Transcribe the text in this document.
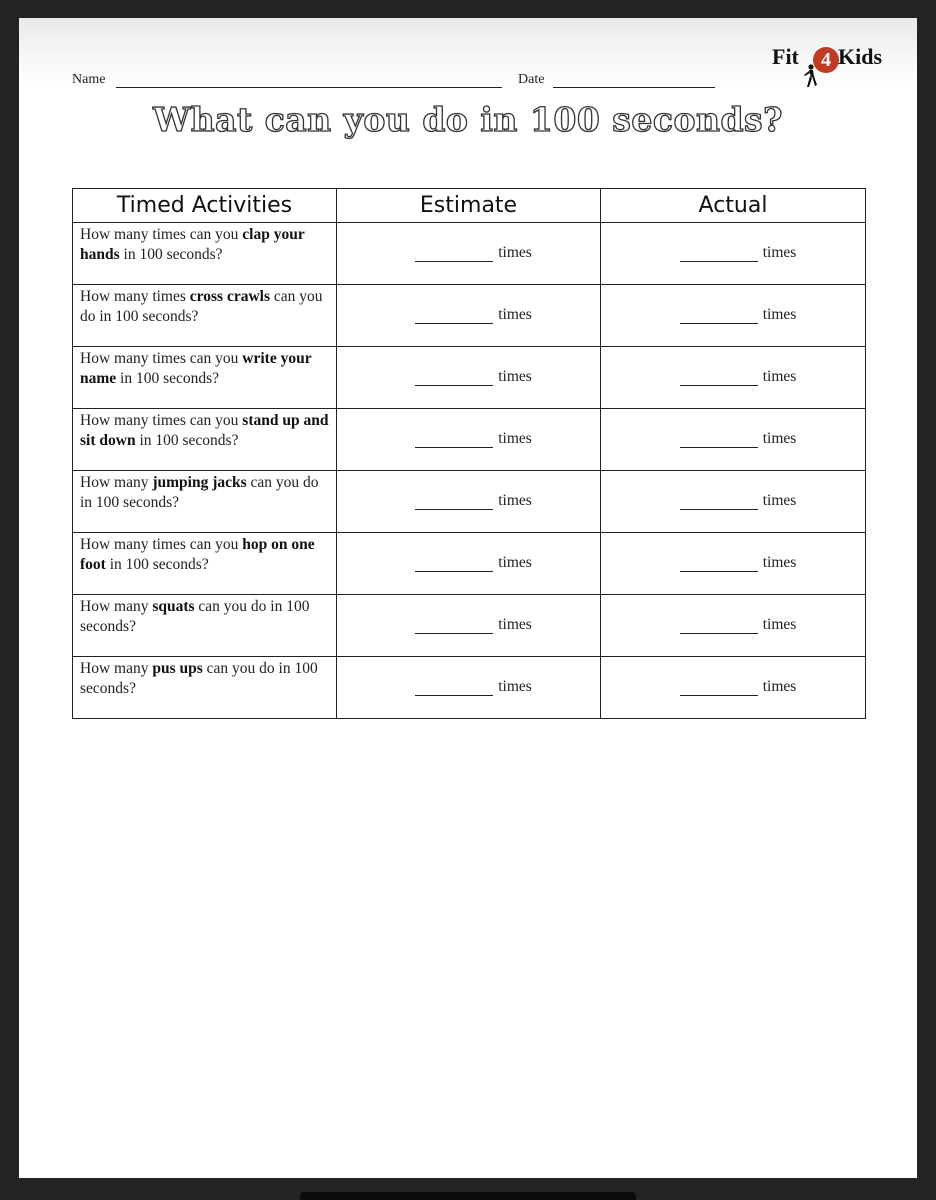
Fit	4 Kids
Name	Date
What can you do in 100 seconds?
Timed Activities	Estimate	Actual
How many times can you clap your hands in 100 seconds?	times	times
How many times cross crawls can you do in 100 seconds?	times	times
How many times can you write your name in 100 seconds?	times	times
How many times can you stand up and sit down in 100 seconds?	times	times
How many jumping jacks can you do in 100 seconds?	times	times
How many times can you hop on one foot in 100 seconds?	times	times
How many squats can you do in 100 seconds?	times	times
How many pus ups can you do in 100 seconds?	times	times
